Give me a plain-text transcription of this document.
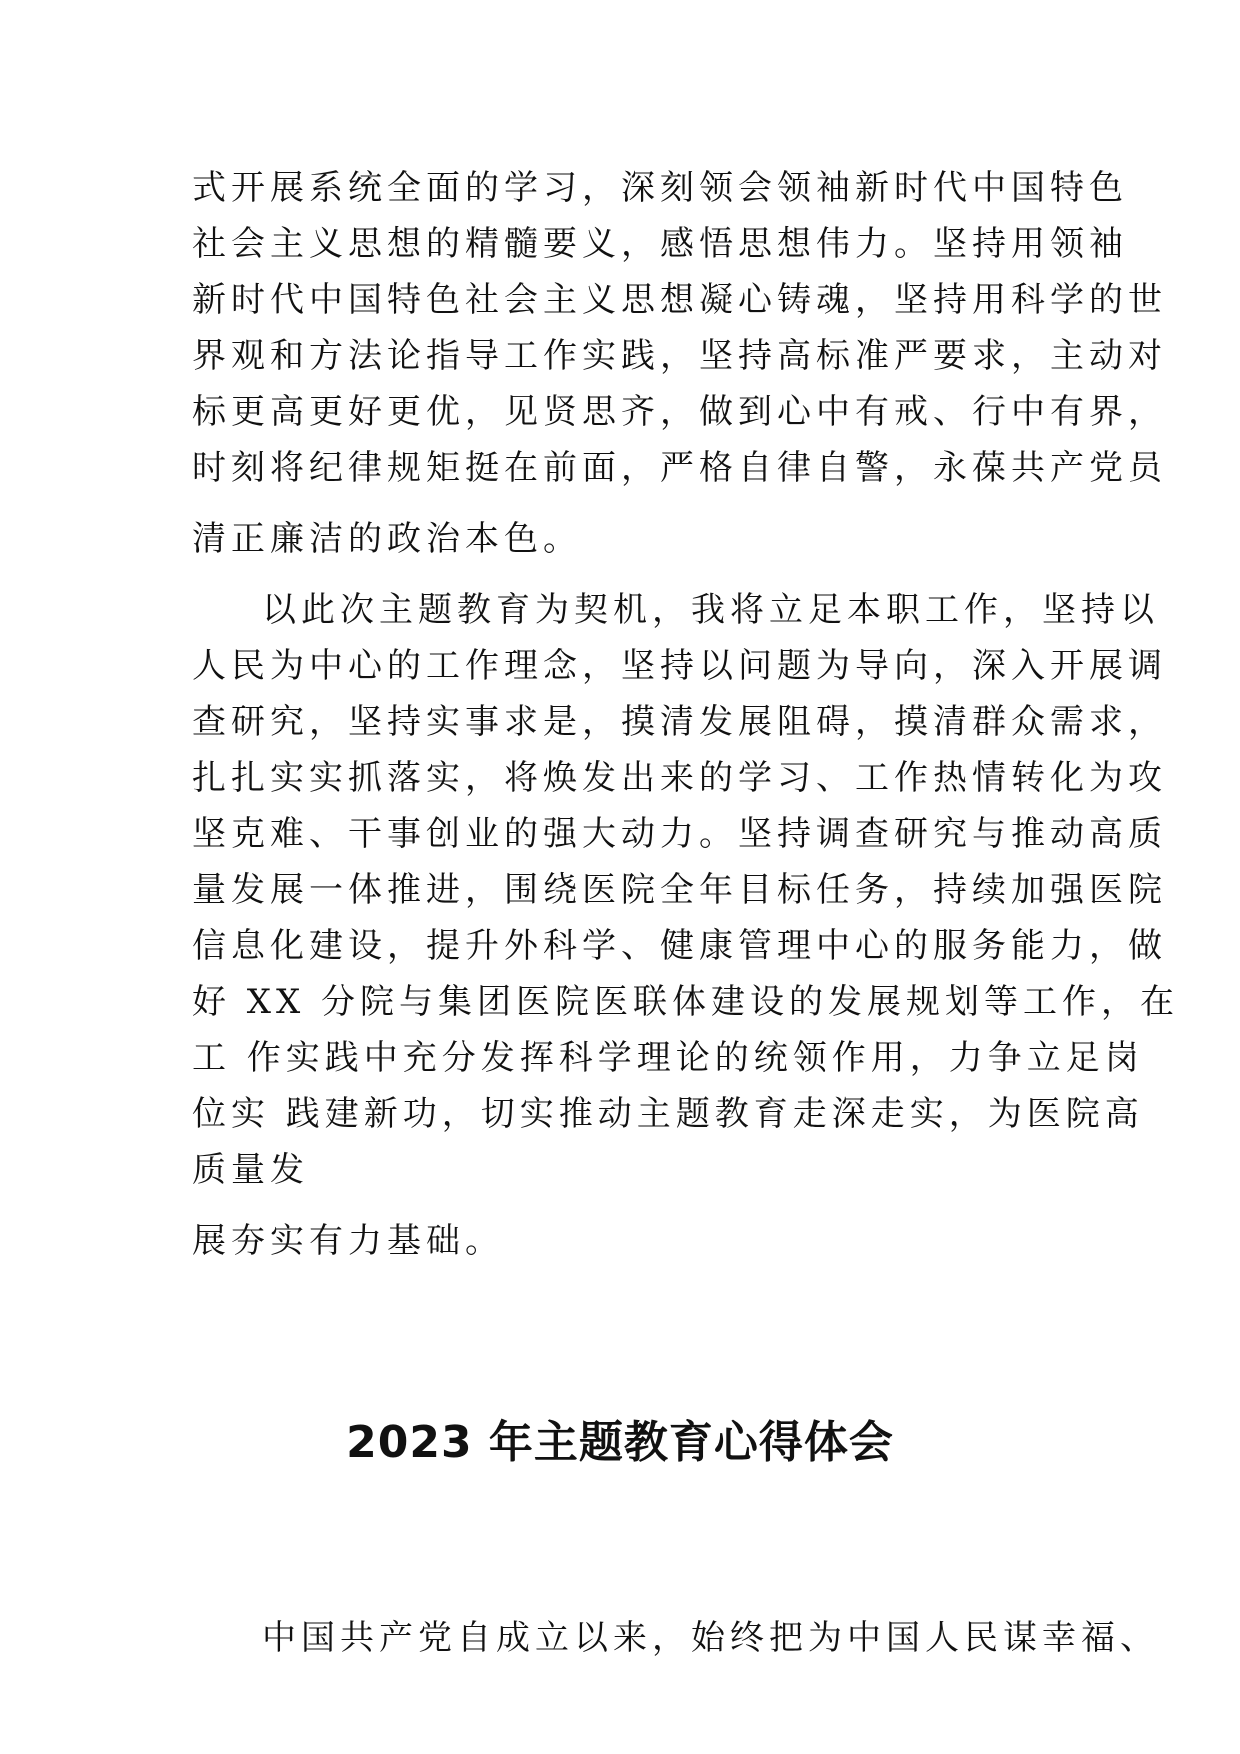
式开展系统全面的学习，深刻领会领袖新时代中国特色
社会主义思想的精髓要义，感悟思想伟力。坚持用领袖
新时代中国特色社会主义思想凝心铸魂，坚持用科学的世
界观和方法论指导工作实践，坚持高标准严要求，主动对
标更高更好更优，见贤思齐，做到心中有戒、行中有界，
时刻将纪律规矩挺在前面，严格自律自警，永葆共产党员
清正廉洁的政治本色。
以此次主题教育为契机，我将立足本职工作，坚持以
人民为中心的工作理念，坚持以问题为导向，深入开展调
查研究，坚持实事求是，摸清发展阻碍，摸清群众需求，
扎扎实实抓落实，将焕发出来的学习、工作热情转化为攻
坚克难、干事创业的强大动力。坚持调查研究与推动高质
量发展一体推进，围绕医院全年目标任务，持续加强医院
信息化建设，提升外科学、健康管理中心的服务能力，做
好 XX 分院与集团医院医联体建设的发展规划等工作，在
工 作实践中充分发挥科学理论的统领作用，力争立足岗
位实 践建新功，切实推动主题教育走深走实，为医院高
质量发
展夯实有力基础。
2023 年主题教育心得体会
中国共产党自成立以来，始终把为中国人民谋幸福、
